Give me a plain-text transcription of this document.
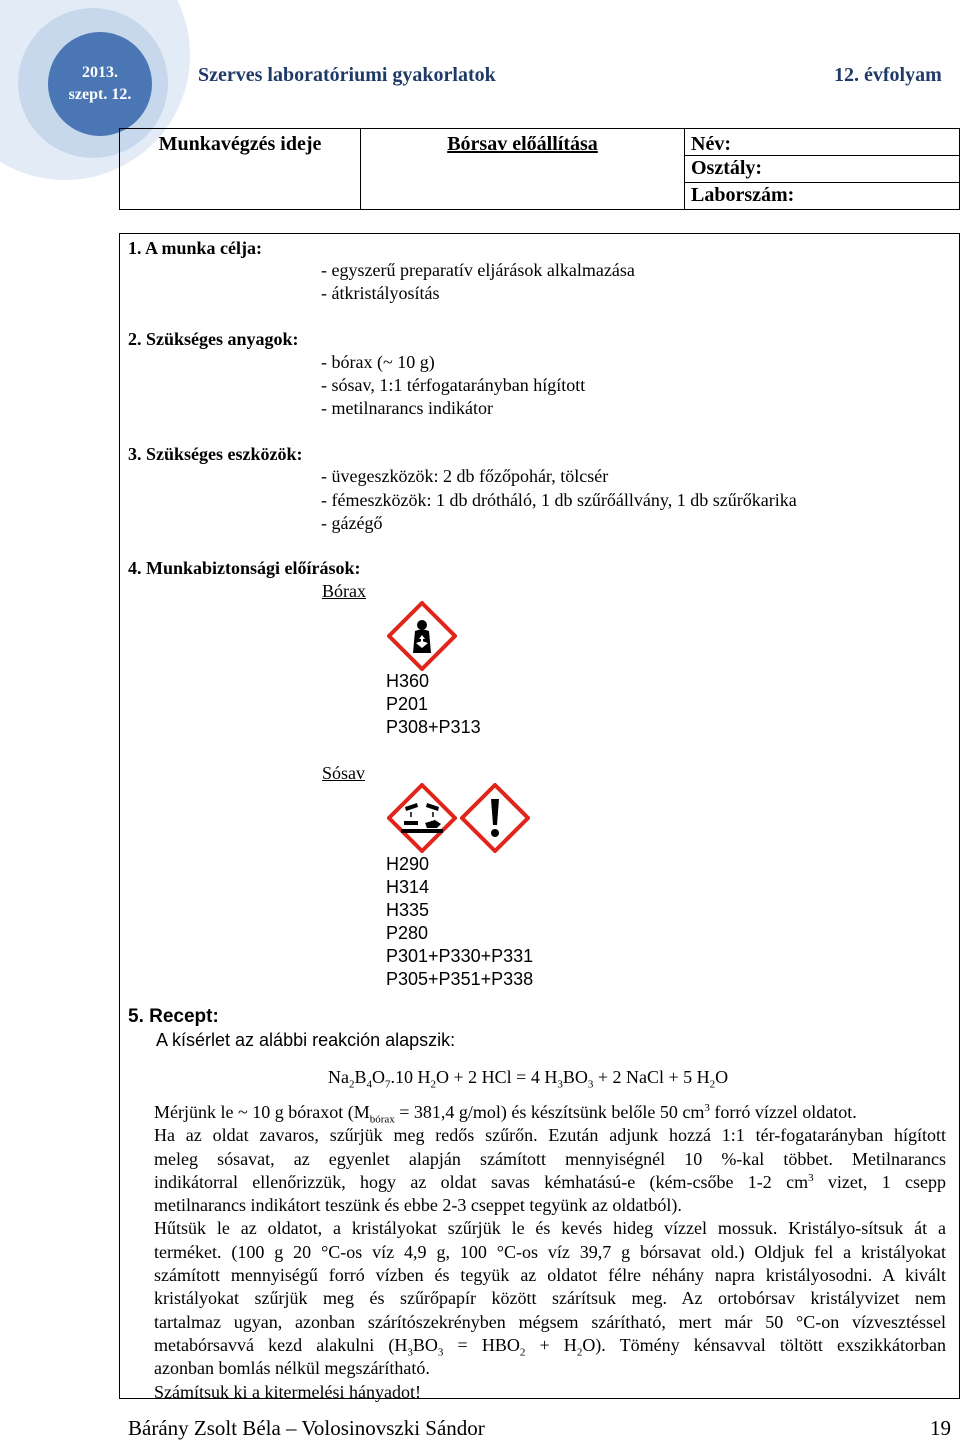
2013.
szept. 12.
Szerves laboratóriumi gyakorlatok	12. évfolyam
Munkavégzés ideje	Bórsav előállítása	Név:
Osztály:
Laborszám:
1. A munka célja:
- egyszerű preparatív eljárások alkalmazása
- átkristályosítás
2. Szükséges anyagok:
- bórax (~ 10 g)
- sósav, 1:1 térfogatarányban hígított
- metilnarancs indikátor
3. Szükséges eszközök:
- üvegeszközök: 2 db főzőpohár, tölcsér
- fémeszközök: 1 db drótháló, 1 db szűrőállvány, 1 db szűrőkarika
- gázégő
4. Munkabiztonsági előírások:
Bórax
H360
P201
P308+P313
Sósav
H290
H314
H335
P280
P301+P330+P331
P305+P351+P338
5. Recept:
A kísérlet az alábbi reakción alapszik:
$Na_2B_4O_7.10$ $H_2O + 2$ HCl = 4 $H_3BO_3 + 2$ NaCl + 5 $H_2O$
Mérjünk le ~ 10 g bóraxot ($M_{bórax} = 381,4$ g/mol) és készítsünk belőle 50 $cm^3$ forró vízzel oldatot.
Ha az oldat zavaros, szűrjük meg redős szűrőn. Ezután adjunk hozzá 1:1 tér-fogatarányban hígított
meleg sósavat, az egyenlet alapján számított mennyiségnél 10 %-kal többet. Metilnarancs
indikátorral ellenőrizzük, hogy az oldat savas kémhatású-e (kém-csőbe 1-2 $cm^3$ vizet, 1 csepp
metilnarancs indikátort teszünk és ebbe 2-3 cseppet tegyünk az oldatból).
Hűtsük le az oldatot, a kristályokat szűrjük le és kevés hideg vízzel mossuk. Kristályo-sítsuk át a
terméket. (100 g 20 °C-os víz 4,9 g, 100 °C-os víz 39,7 g bórsavat old.) Oldjuk fel a kristályokat
számított mennyiségű forró vízben és tegyük az oldatot félre néhány napra kristályosodni. A kivált
kristályokat szűrjük meg és szűrőpapír között szárítsuk meg. Az ortobórsav kristályvizet nem
tartalmaz ugyan, azonban szárítószekrényben mégsem szárítható, mert már 50 °C-on vízvesztéssel
metabórsavvá kezd alakulni $(H_3BO_3 = HBO_2 + H_2O)$. Tömény kénsavval töltött exszikkátorban
azonban bomlás nélkül megszárítható.
Számítsuk ki a kitermelési hányadot!
Bárány Zsolt Béla – Volosinovszki Sándor	19
